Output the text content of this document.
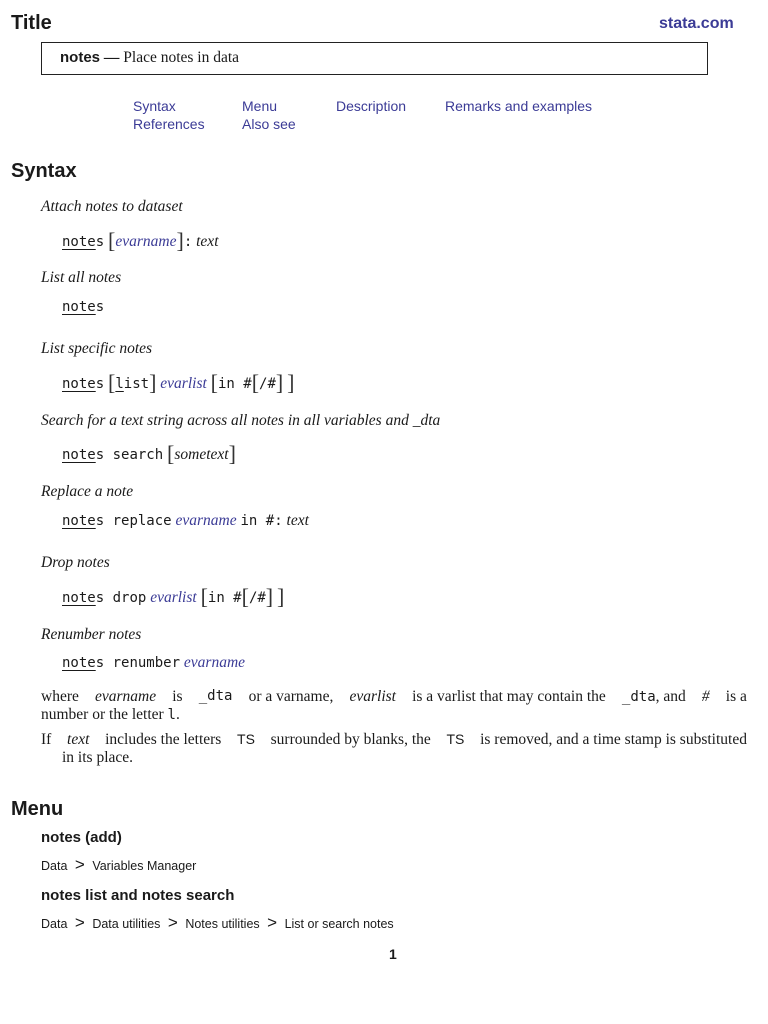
Title	stata.com
notes — Place notes in data
Syntax	Menu	Description	Remarks and examples
References	Also see
Syntax
Attach notes to dataset
notes [evarname]: text
List all notes
notes
List specific notes
notes [list] evarlist [in #[/#] ]
Search for a text string across all notes in all variables and _dta
notes search [sometext]
Replace a note
notes replace evarname in #: text
Drop notes
notes drop evarlist [in #[/#] ]
Renumber notes
notes renumber evarname
where evarname is _dta or a varname, evarlist is a varlist that may contain the _dta, and # is a
number or the letter l.
If text includes the letters TS surrounded by blanks, the TS is removed, and a time stamp is substituted
in its place.
Menu
notes (add)
Data > Variables Manager
notes list and notes search
Data > Data utilities > Notes utilities > List or search notes
1
